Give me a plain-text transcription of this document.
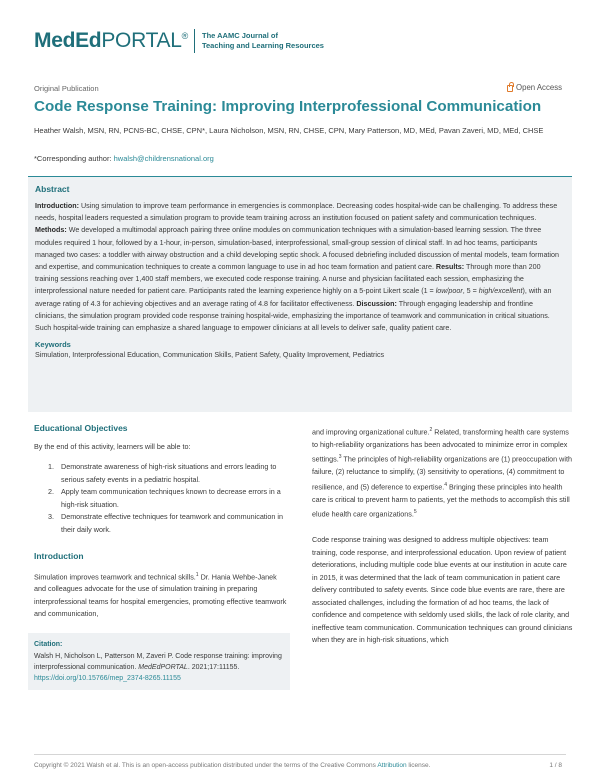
MedEdPORTAL® The AAMC Journal of
Teaching and Learning Resources
Original Publication	Open Access
Code Response Training: Improving Interprofessional Communication
Heather Walsh, MSN, RN, PCNS-BC, CHSE, CPN*, Laura Nicholson, MSN, RN, CHSE, CPN, Mary Patterson, MD, MEd, Pavan Zaveri, MD, MEd, CHSE
*Corresponding author: hwalsh@childrensnational.org
Abstract
Introduction: Using simulation to improve team performance in emergencies is commonplace. Decreasing codes hospital-wide can be challenging. To address these needs, hospital leaders requested a simulation program to provide team training across an institution focused on patient safety and communication techniques. Methods: We developed a multimodal approach pairing three online modules on communication techniques with a simulation-based learning session. The three modules required 1 hour, followed by a 1-hour, in-person, simulation-based, interprofessional, small-group session of clinical staff. In ad hoc teams, participants managed two cases: a toddler with airway obstruction and a child developing septic shock. A focused debriefing included discussion of mental models, team formation and expertise, and communication techniques to create a common language to use in ad hoc team formation and patient care. Results: Through more than 200 training sessions reaching over 1,400 staff members, we executed code response training. A nurse and physician facilitated each session, emphasizing the interprofessional nature needed for patient care. Participants rated the learning experience highly on a 5-point Likert scale (1 = low/poor, 5 = high/excellent), with an average rating of 4.3 for achieving objectives and an average rating of 4.8 for facilitator effectiveness. Discussion: Through engaging leadership and frontline clinicians, the simulation program provided code response training hospital-wide, emphasizing the importance of teamwork and communication in critical situations. Such hospital-wide training can emphasize a shared language to empower clinicians at all levels to deliver safe, quality patient care.
Keywords
Simulation, Interprofessional Education, Communication Skills, Patient Safety, Quality Improvement, Pediatrics
Educational Objectives
By the end of this activity, learners will be able to:
1. Demonstrate awareness of high-risk situations and errors leading to serious safety events in a pediatric hospital.
2. Apply team communication techniques known to decrease errors in a high-risk situation.
3. Demonstrate effective techniques for teamwork and communication in their daily work.
Introduction
Simulation improves teamwork and technical skills.$^1$ Dr. Hania Wehbe-Janek and colleagues advocate for the use of simulation training in preparing interprofessional teams for hospital emergencies, promoting effective teamwork and communication,
Citation:
Walsh H, Nicholson L, Patterson M, Zaveri P. Code response training: improving interprofessional communication. MedEdPORTAL. 2021;17:11155. https://doi.org/10.15766/mep_2374-8265.11155
and improving organizational culture.$^2$ Related, transforming health care systems to high-reliability organizations has been advocated to minimize error in complex settings.$^3$ The principles of high-reliability organizations are (1) preoccupation with failure, (2) reluctance to simplify, (3) sensitivity to operations, (4) commitment to resilience, and (5) deference to expertise.$^4$ Bringing these principles into health care is critical to prevent harm to patients, yet the methods to accomplish this still elude health care organizations.$^5$
Code response training was designed to address multiple objectives: team training, code response, and interprofessional education. Upon review of patient deteriorations, including multiple code blue events at our institution in acute care in 2015, it was determined that the lack of team communication in patient care delivery contributed to safety events. Since code blue events are rare, there are associated challenges, including the formation of ad hoc teams, the lack of confidence and competence with seldomly used skills, the lack of role clarity, and ineffective team communication. Communication techniques can ground clinicians when they are in high-risk situations, which
Copyright © 2021 Walsh et al. This is an open-access publication distributed under the terms of the Creative Commons Attribution license.	1 / 8
